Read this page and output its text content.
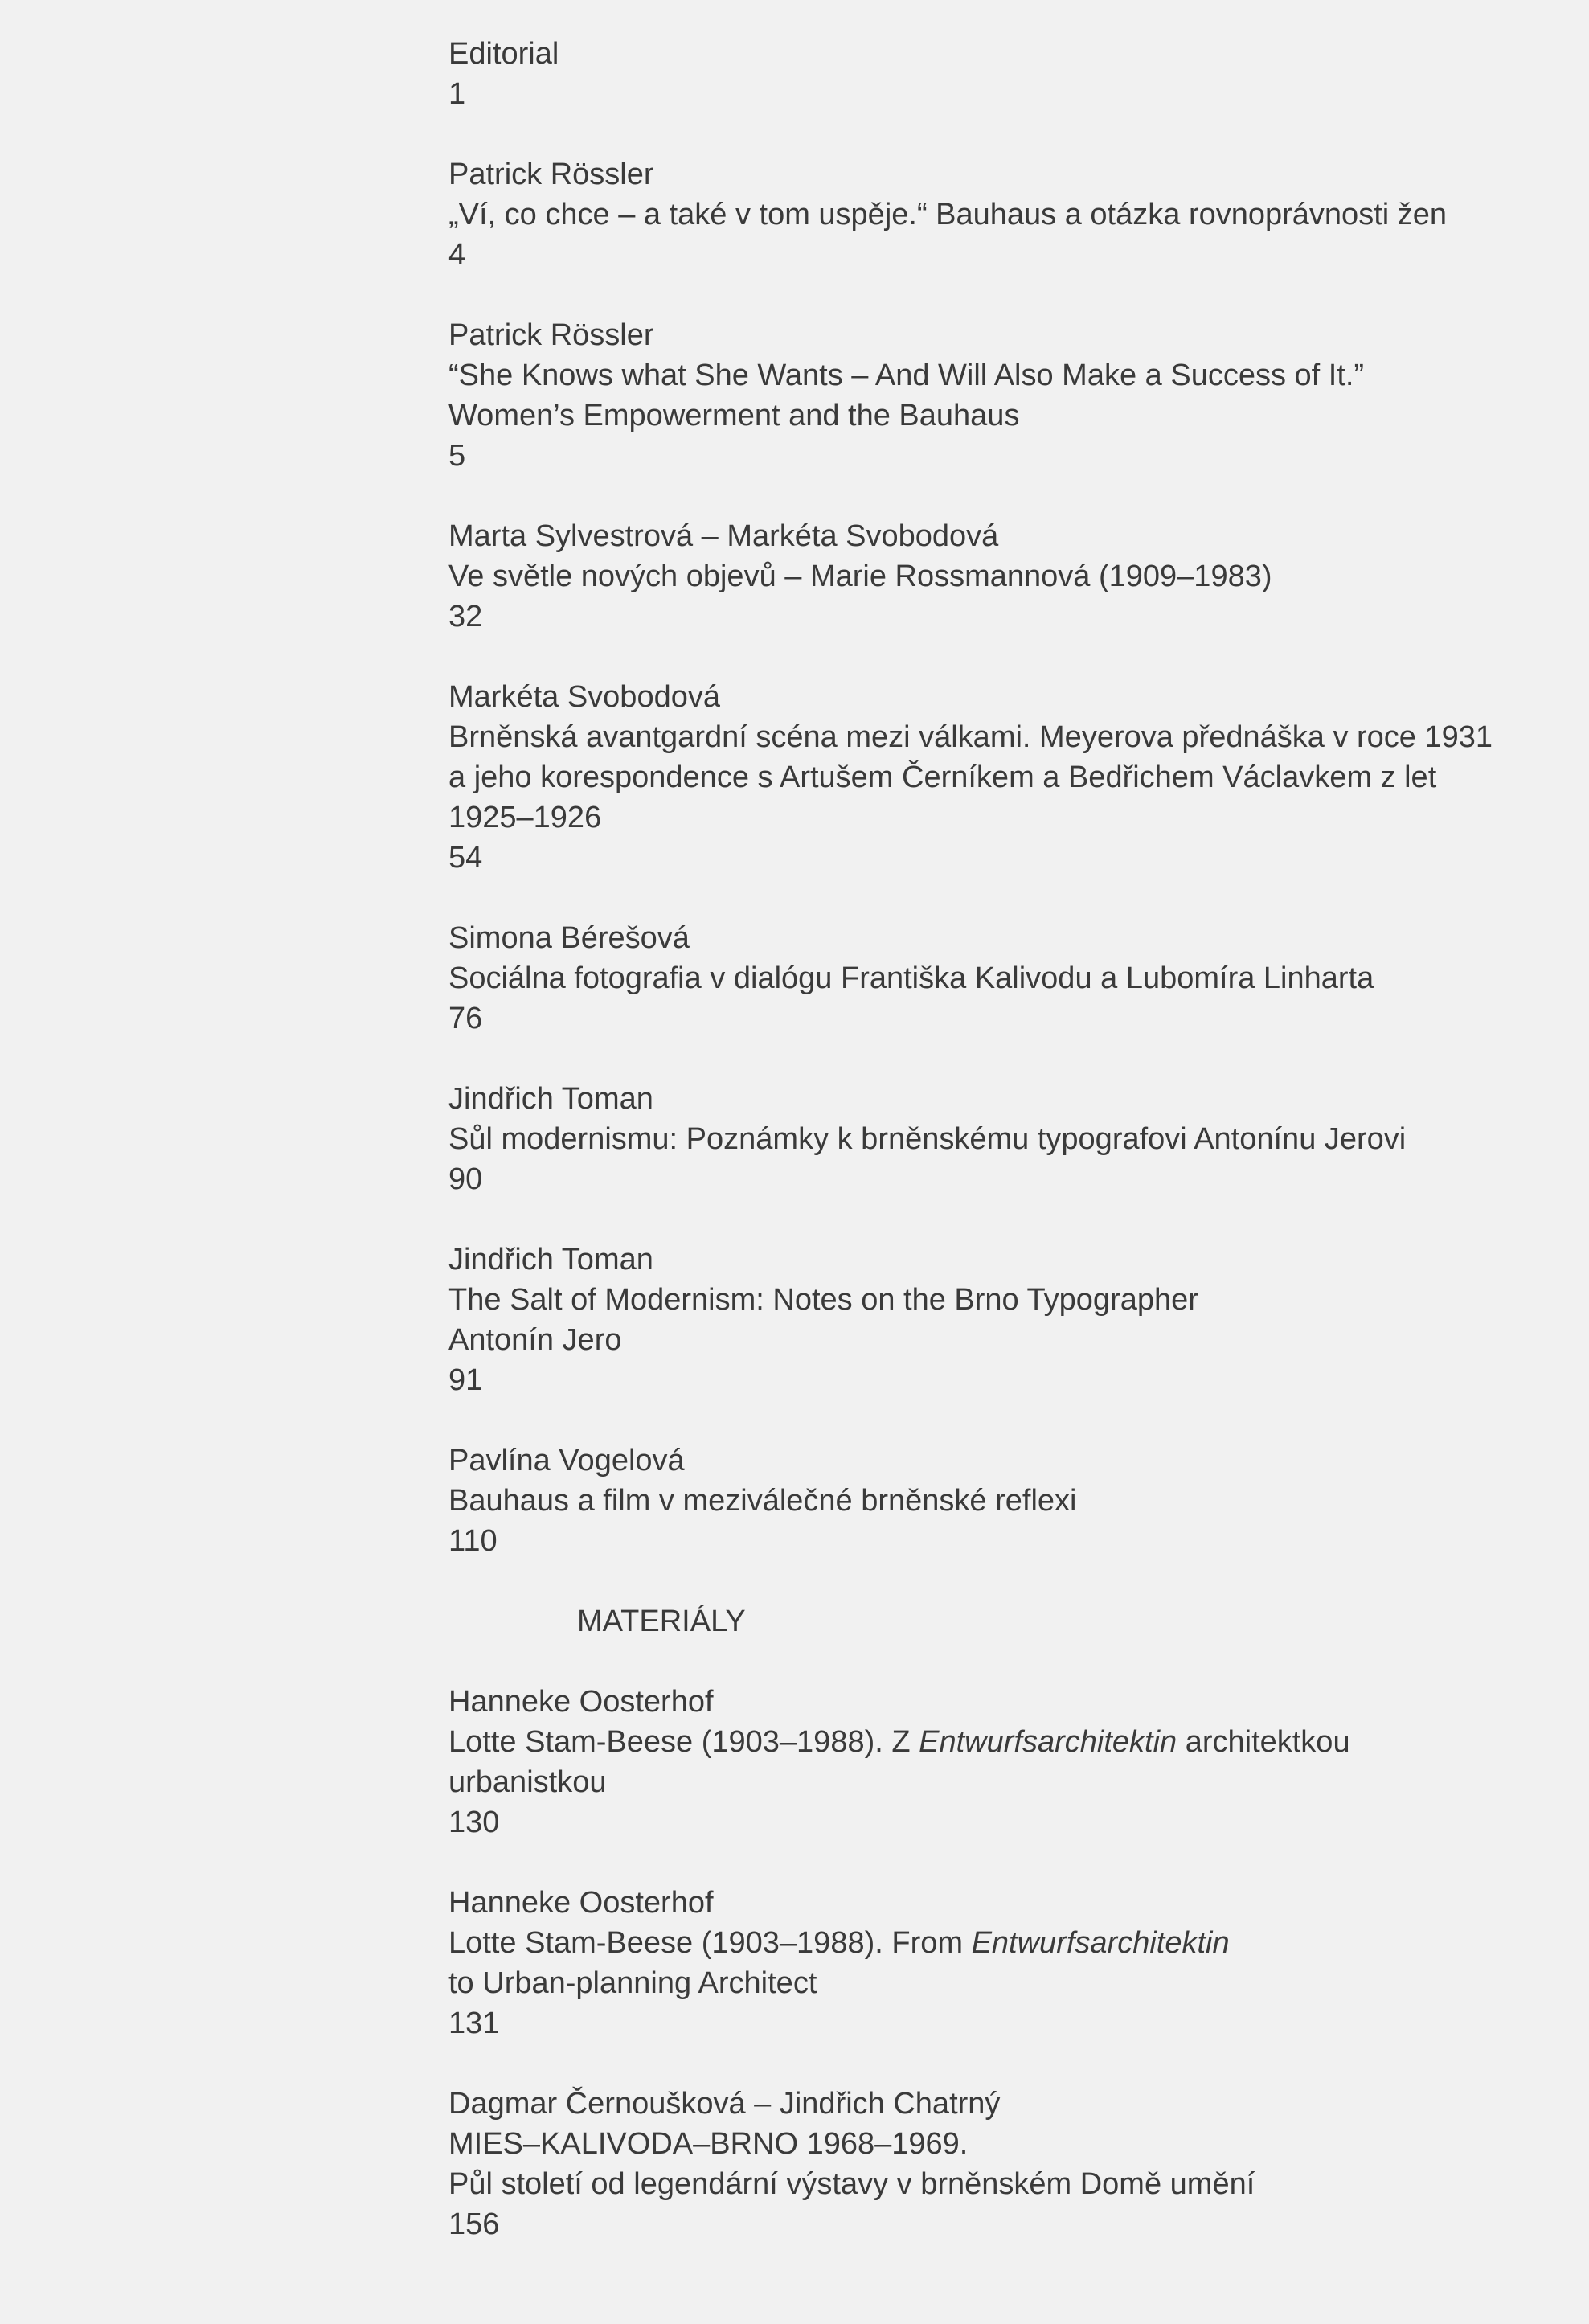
Editorial
1
Patrick Rössler
„Ví, co chce – a také v tom uspěje.“ Bauhaus a otázka rovnoprávnosti žen
4
Patrick Rössler
“She Knows what She Wants – And Will Also Make a Success of It.”
Women’s Empowerment and the Bauhaus
5
Marta Sylvestrová – Markéta Svobodová
Ve světle nových objevů – Marie Rossmannová (1909–1983)
32
Markéta Svobodová
Brněnská avantgardní scéna mezi válkami. Meyerova přednáška v roce 1931
a jeho korespondence s Artušem Černíkem a Bedřichem Václavkem z let
1925–1926
54
Simona Bérešová
Sociálna fotografia v dialógu Františka Kalivodu a Lubomíra Linharta
76
Jindřich Toman
Sůl modernismu: Poznámky k brněnskému typografovi Antonínu Jerovi
90
Jindřich Toman
The Salt of Modernism: Notes on the Brno Typographer
Antonín Jero
91
Pavlína Vogelová
Bauhaus a film v meziválečné brněnské reflexi
110
MATERIÁLY
Hanneke Oosterhof
Lotte Stam-Beese (1903–1988). Z Entwurfsarchitektin architektkou
urbanistkou
130
Hanneke Oosterhof
Lotte Stam-Beese (1903–1988). From Entwurfsarchitektin
to Urban-planning Architect
131
Dagmar Černoušková – Jindřich Chatrný
MIES–KALIVODA–BRNO 1968–1969.
Půl století od legendární výstavy v brněnském Domě umění
156
